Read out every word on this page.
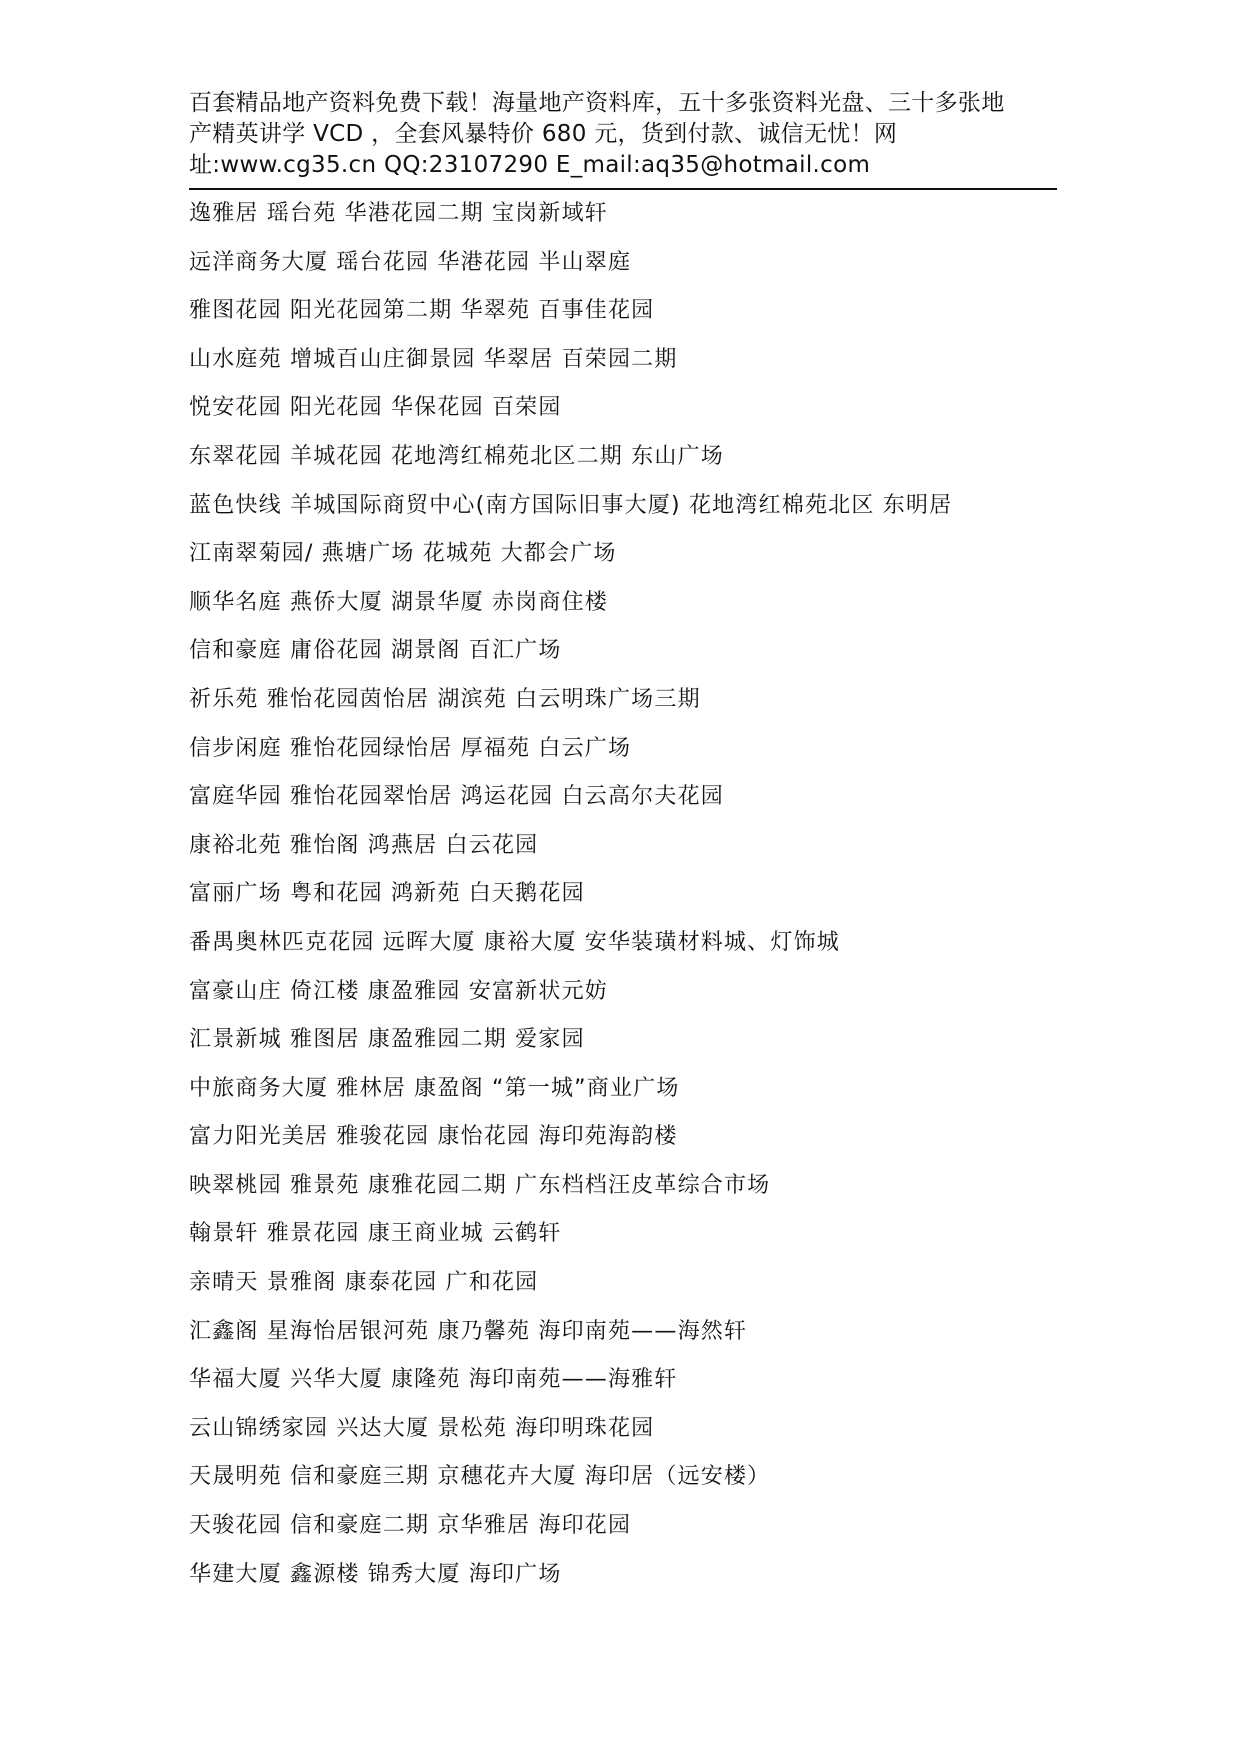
百套精品地产资料免费下载！海量地产资料库，五十多张资料光盘、三十多张地
产精英讲学 VCD ，全套风暴特价 680 元，货到付款、诚信无忧！网
址:www.cg35.cn QQ:23107290 E_mail:aq35@hotmail.com
逸雅居 瑶台苑 华港花园二期 宝岗新域轩
远洋商务大厦 瑶台花园 华港花园 半山翠庭
雅图花园 阳光花园第二期 华翠苑 百事佳花园
山水庭苑 增城百山庄御景园 华翠居 百荣园二期
悦安花园 阳光花园 华保花园 百荣园
东翠花园 羊城花园 花地湾红棉苑北区二期 东山广场
蓝色快线 羊城国际商贸中心(南方国际旧事大厦) 花地湾红棉苑北区 东明居
江南翠菊园/ 燕塘广场 花城苑 大都会广场
顺华名庭 燕侨大厦 湖景华厦 赤岗商住楼
信和豪庭 庸俗花园 湖景阁 百汇广场
祈乐苑 雅怡花园茵怡居 湖滨苑 白云明珠广场三期
信步闲庭 雅怡花园绿怡居 厚福苑 白云广场
富庭华园 雅怡花园翠怡居 鸿运花园 白云高尔夫花园
康裕北苑 雅怡阁 鸿燕居 白云花园
富丽广场 粤和花园 鸿新苑 白天鹅花园
番禺奥林匹克花园 远晖大厦 康裕大厦 安华装璜材料城、灯饰城
富豪山庄 倚江楼 康盈雅园 安富新状元妨
汇景新城 雅图居 康盈雅园二期 爱家园
中旅商务大厦 雅林居 康盈阁 “第一城”商业广场
富力阳光美居 雅骏花园 康怡花园 海印苑海韵楼
映翠桃园 雅景苑 康雅花园二期 广东档档汪皮革综合市场
翰景轩 雅景花园 康王商业城 云鹤轩
亲晴天 景雅阁 康泰花园 广和花园
汇鑫阁 星海怡居银河苑 康乃馨苑 海印南苑——海然轩
华福大厦 兴华大厦 康隆苑 海印南苑——海雅轩
云山锦绣家园 兴达大厦 景松苑 海印明珠花园
天晟明苑 信和豪庭三期 京穗花卉大厦 海印居（远安楼）
天骏花园 信和豪庭二期 京华雅居 海印花园
华建大厦 鑫源楼 锦秀大厦 海印广场
